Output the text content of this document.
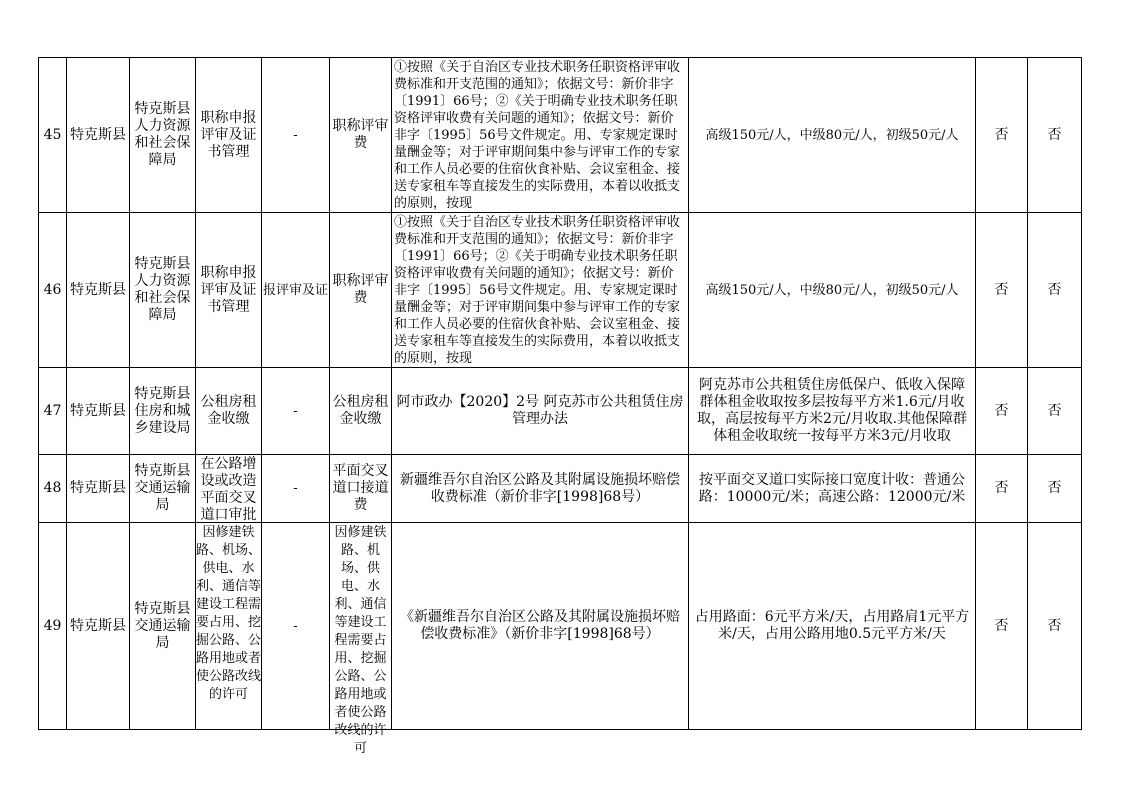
45	特克斯县	特克斯县人力资源和社会保障局	职称申报评审及证书管理	-	职称评审费	①按照《关于自治区专业技术职务任职资格评审收费标准和开支范围的通知》；依据文号：新价非字〔1991〕66号；②《关于明确专业技术职务任职资格评审收费有关问题的通知》；依据文号：新价非字〔1995〕56号文件规定。用、专家规定课时量酬金等；对于评审期间集中参与评审工作的专家和工作人员必要的住宿伙食补贴、会议室租金、接送专家租车等直接发生的实际费用，本着以收抵支的原则，按现	高级150元/人，中级80元/人，初级50元/人	否	否

46	特克斯县	特克斯县人力资源和社会保障局	职称申报评审及证书管理	报评审及证	职称评审费	①按照《关于自治区专业技术职务任职资格评审收费标准和开支范围的通知》；依据文号：新价非字〔1991〕66号；②《关于明确专业技术职务任职资格评审收费有关问题的通知》；依据文号：新价非字〔1995〕56号文件规定。用、专家规定课时量酬金等；对于评审期间集中参与评审工作的专家和工作人员必要的住宿伙食补贴、会议室租金、接送专家租车等直接发生的实际费用，本着以收抵支的原则，按现	高级150元/人，中级80元/人，初级50元/人	否	否

47	特克斯县	特克斯县住房和城乡建设局	公租房租金收缴	-	公租房租金收缴	阿市政办【2020】2号 阿克苏市公共租赁住房管理办法	阿克苏市公共租赁住房低保户、低收入保障群体租金收取按多层按每平方米1.6元/月收取，高层按每平方米2元/月收取.其他保障群体租金收取统一按每平方米3元/月收取	否	否

48	特克斯县	特克斯县交通运输局	在公路增设或改造平面交叉道口审批	-	平面交叉道口接道费	新疆维吾尔自治区公路及其附属设施损坏赔偿收费标准（新价非字[1998]68号）	按平面交叉道口实际接口宽度计收：普通公路：10000元/米；高速公路：12000元/米	否	否

49	特克斯县	特克斯县交通运输局	因修建铁路、机场、供电、水利、通信等建设工程需要占用、挖掘公路、公路用地或者使公路改线的许可	-	因修建铁路、机场、供电、水利、通信等建设工程需要占用、挖掘公路、公路用地或者使公路改线的许可	《新疆维吾尔自治区公路及其附属设施损坏赔偿收费标准》（新价非字[1998]68号）	占用路面：6元平方米/天，占用路肩1元平方米/天，占用公路用地0.5元平方米/天	否	否
